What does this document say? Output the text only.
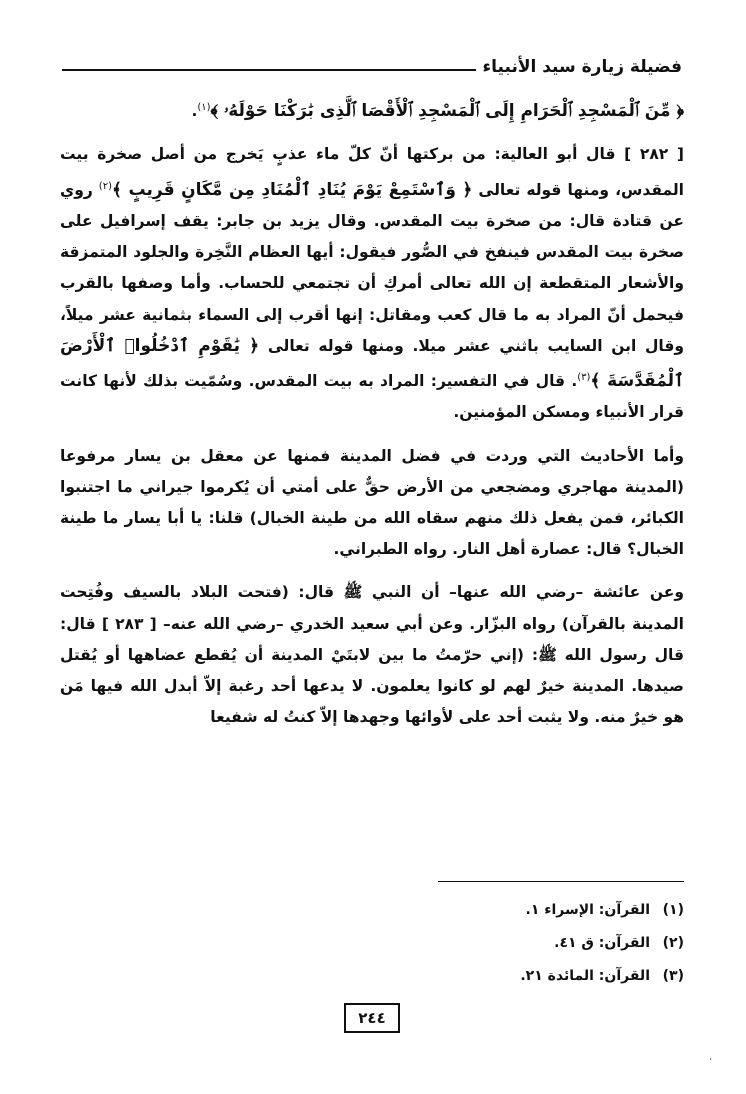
فضيلة زيارة سيد الأنبياء

﴿ مِّنَ ٱلْمَسْجِدِ ٱلْحَرَامِ إِلَى ٱلْمَسْجِدِ ٱلْأَقْصَا ٱلَّذِى بَٰرَكْنَا حَوْلَهُۥ ﴾$^{(١)}$.

[ ٢٨٢ ] قال أبو العالية: من بركتها أنّ كلّ ماء عذبٍ يَخرج من أصل صخرة بيت المقدس، ومنها قوله تعالى ﴿ وَٱسْتَمِعْ يَوْمَ يُنَادِ ٱلْمُنَادِ مِن مَّكَانٍ قَرِيبٍ ﴾$^{(٢)}$ روي عن قتادة قال: من صخرة بيت المقدس. وقال يزيد بن جابر: يقف إسرافيل على صخرة بيت المقدس فينفخ في الصُّور فيقول: أيها العظام النَّخِرة والجلود المتمزقة والأشعار المتقطعة إن الله تعالى أمركِ أن تجتمعي للحساب. وأما وصفها بالقرب فيحمل أنّ المراد به ما قال كعب ومقاتل: إنها أقرب إلى السماء بثمانية عشر ميلاً، وقال ابن السايب باثني عشر ميلا. ومنها قوله تعالى ﴿ يَٰقَوْمِ ٱدْخُلُوا۟ ٱلْأَرْضَ ٱلْمُقَدَّسَةَ ﴾$^{(٣)}$. قال في التفسير: المراد به بيت المقدس. وسُمّيت بذلك لأنها كانت قرار الأنبياء ومسكن المؤمنين.

وأما الأحاديث التي وردت في فضل المدينة فمنها عن معقل بن يسار مرفوعا (المدينة مهاجري ومضجعي من الأرض حقٌّ على أمتي أن يُكرموا جيراني ما اجتنبوا الكبائر، فمن يفعل ذلك منهم سقاه الله من طينة الخبال) قلنا: يا أبا يسار ما طينة الخبال؟ قال: عصارة أهل النار. رواه الطبراني.

وعن عائشة –رضي الله عنها– أن النبي ﷺ قال: (فتحت البلاد بالسيف وفُتِحت المدينة بالقرآن) رواه البزّار. وعن أبي سعيد الخدري –رضي الله عنه– [ ٢٨٣ ] قال: قال رسول الله ﷺ: (إني حرّمتُ ما بين لابتَيْ المدينة أن يُقطع عضاهها أو يُقتل صيدها. المدينة خيرٌ لهم لو كانوا يعلمون. لا يدعها أحد رغبة إلاّ أبدل الله فيها مَن هو خيرٌ منه. ولا يثبت أحد على لأوائها وجهدها إلاّ كنتُ له شفيعا

(١)القرآن: الإسراء ١.
(٢)القرآن: ق ٤١.
(٣)القرآن: المائدة ٢١.
٢٤٤
،
